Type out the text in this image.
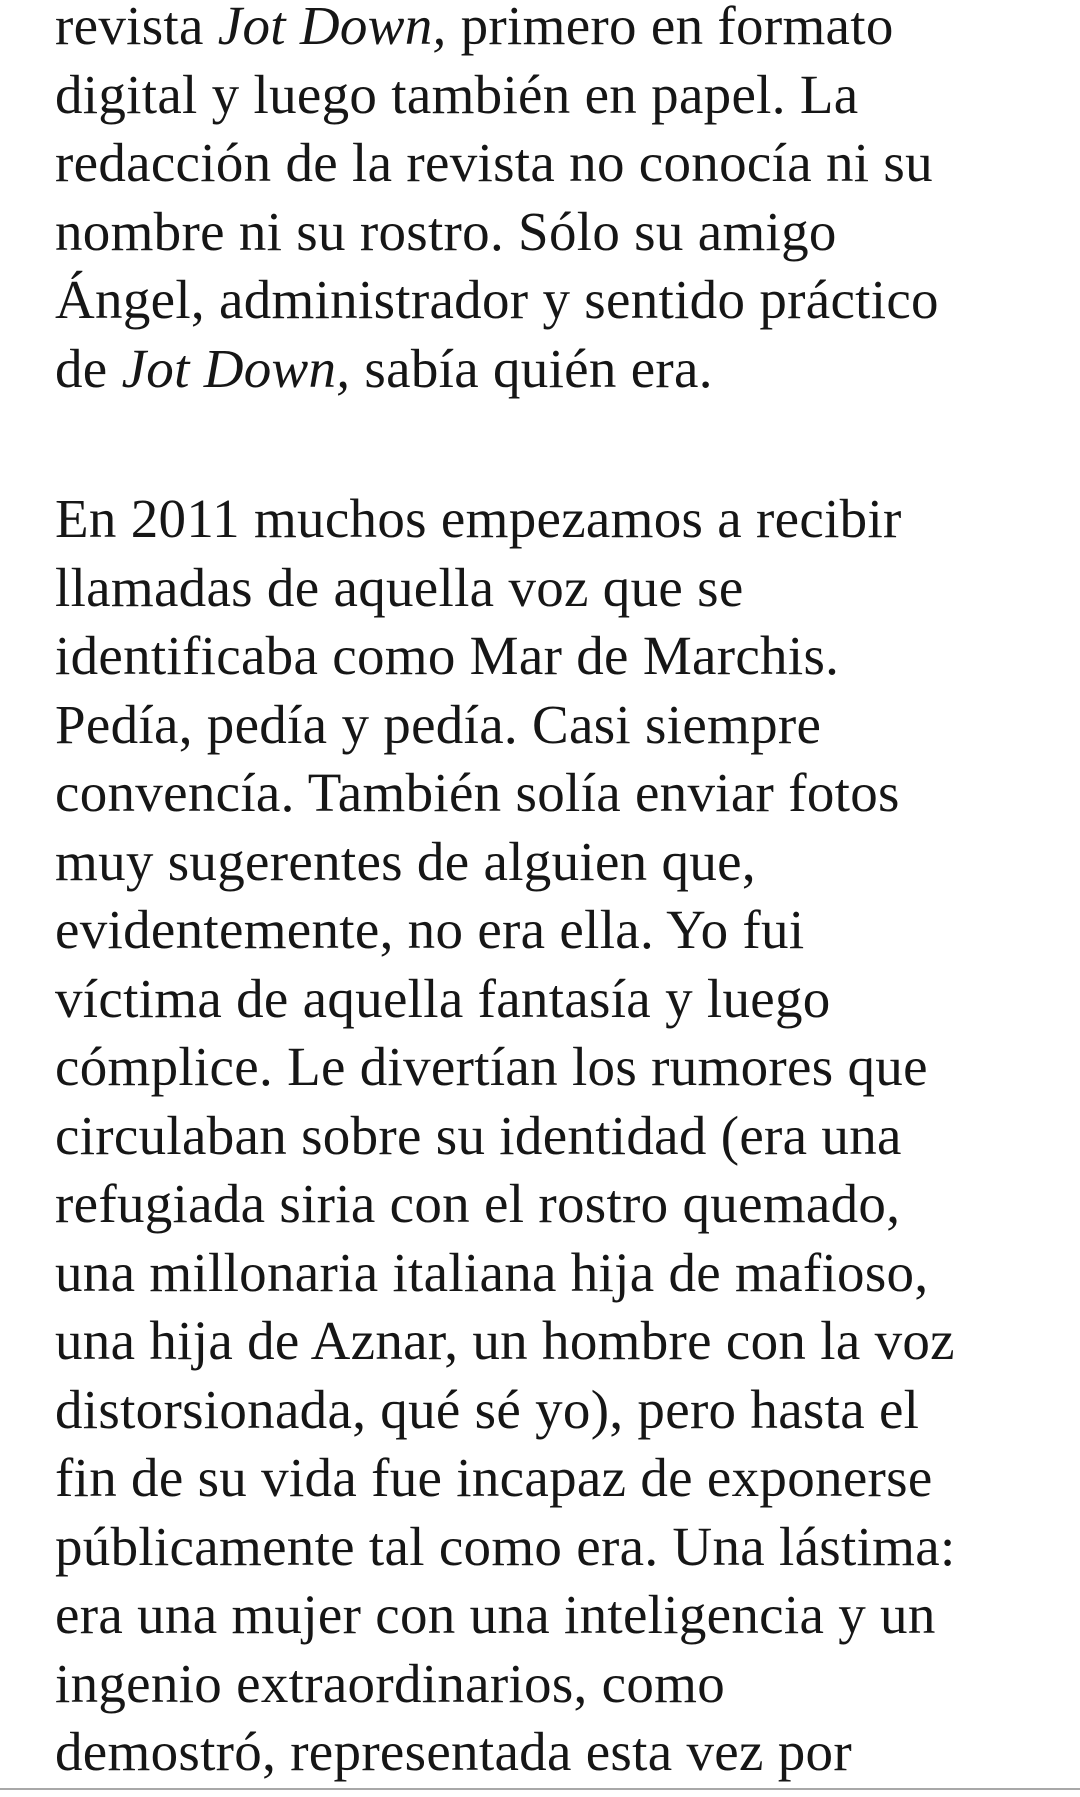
revista Jot Down, primero en formato
digital y luego también en papel. La
redacción de la revista no conocía ni su
nombre ni su rostro. Sólo su amigo
Ángel, administrador y sentido práctico
de Jot Down, sabía quién era.
En 2011 muchos empezamos a recibir
llamadas de aquella voz que se
identificaba como Mar de Marchis.
Pedía, pedía y pedía. Casi siempre
convencía. También solía enviar fotos
muy sugerentes de alguien que,
evidentemente, no era ella. Yo fui
víctima de aquella fantasía y luego
cómplice. Le divertían los rumores que
circulaban sobre su identidad (era una
refugiada siria con el rostro quemado,
una millonaria italiana hija de mafioso,
una hija de Aznar, un hombre con la voz
distorsionada, qué sé yo), pero hasta el
fin de su vida fue incapaz de exponerse
públicamente tal como era. Una lástima:
era una mujer con una inteligencia y un
ingenio extraordinarios, como
demostró, representada esta vez por
